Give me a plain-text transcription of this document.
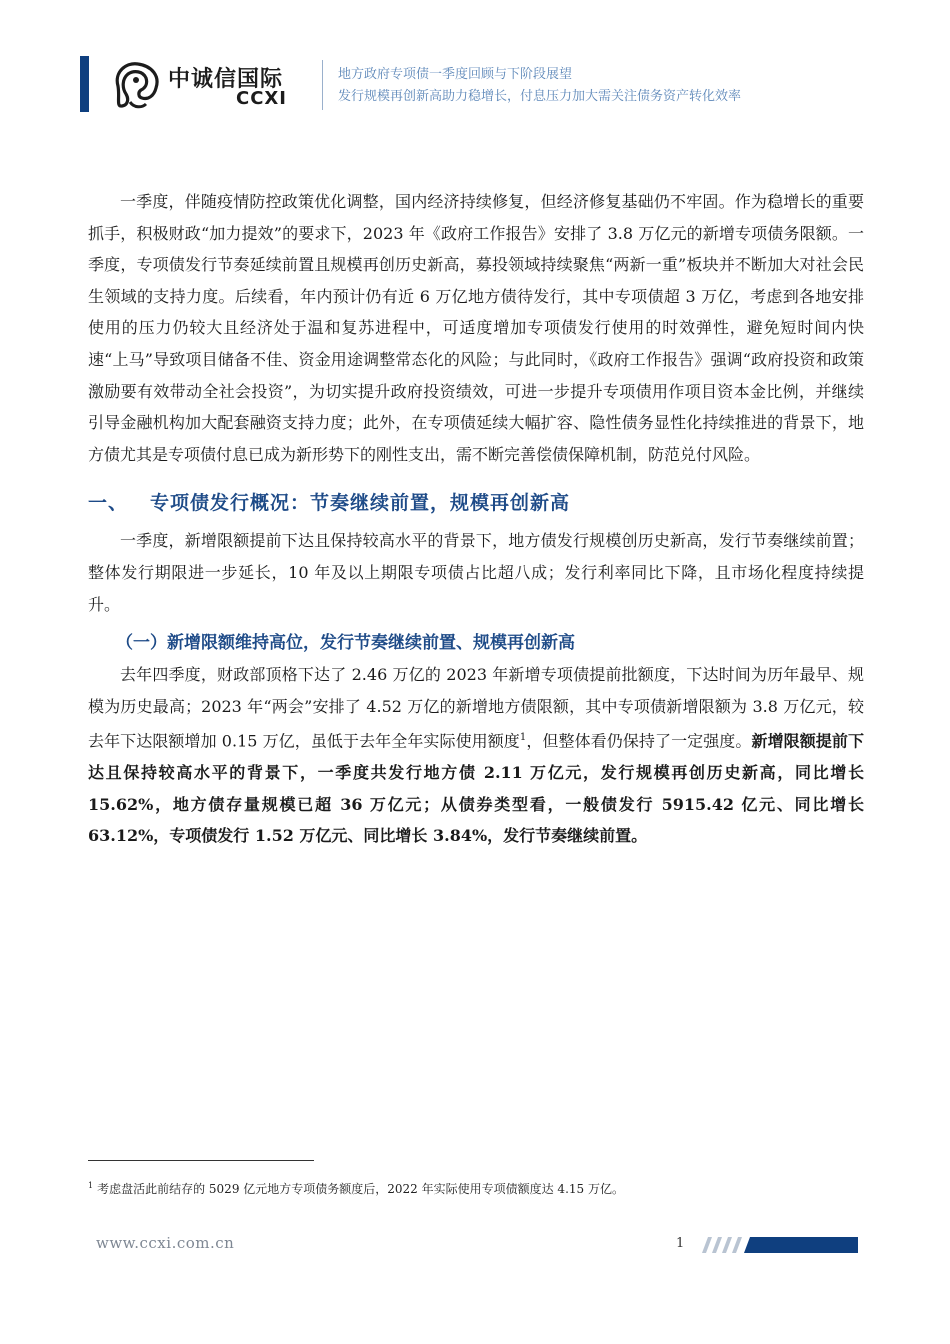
中诚信国际
CCXI
地方政府专项债一季度回顾与下阶段展望
发行规模再创新高助力稳增长，付息压力加大需关注债务资产转化效率

一季度，伴随疫情防控政策优化调整，国内经济持续修复，但经济修复基础仍不牢固。作为稳增长的重要抓手，积极财政“加力提效”的要求下，2023 年《政府工作报告》安排了 3.8 万亿元的新增专项债务限额。一季度，专项债发行节奏延续前置且规模再创历史新高，募投领域持续聚焦“两新一重”板块并不断加大对社会民生领域的支持力度。后续看，年内预计仍有近 6 万亿地方债待发行，其中专项债超 3 万亿，考虑到各地安排使用的压力仍较大且经济处于温和复苏进程中，可适度增加专项债发行使用的时效弹性，避免短时间内快速“上马”导致项目储备不佳、资金用途调整常态化的风险；与此同时，《政府工作报告》强调“政府投资和政策激励要有效带动全社会投资”，为切实提升政府投资绩效，可进一步提升专项债用作项目资本金比例，并继续引导金融机构加大配套融资支持力度；此外，在专项债延续大幅扩容、隐性债务显性化持续推进的背景下，地方债尤其是专项债付息已成为新形势下的刚性支出，需不断完善偿债保障机制，防范兑付风险。

一、 专项债发行概况：节奏继续前置，规模再创新高

一季度，新增限额提前下达且保持较高水平的背景下，地方债发行规模创历史新高，发行节奏继续前置；整体发行期限进一步延长，10 年及以上期限专项债占比超八成；发行利率同比下降，且市场化程度持续提升。

（一）新增限额维持高位，发行节奏继续前置、规模再创新高

去年四季度，财政部顶格下达了 2.46 万亿的 2023 年新增专项债提前批额度，下达时间为历年最早、规模为历史最高；2023 年“两会”安排了 4.52 万亿的新增地方债限额，其中专项债新增限额为 3.8 万亿元，较去年下达限额增加 0.15 万亿，虽低于去年全年实际使用额度$^1$，但整体看仍保持了一定强度。新增限额提前下达且保持较高水平的背景下，一季度共发行地方债 2.11 万亿元，发行规模再创历史新高，同比增长 15.62%，地方债存量规模已超 36 万亿元；从债券类型看，一般债发行 5915.42 亿元、同比增长 63.12%，专项债发行 1.52 万亿元、同比增长 3.84%，发行节奏继续前置。

$^1$ 考虑盘活此前结存的 5029 亿元地方专项债务额度后，2022 年实际使用专项债额度达 4.15 万亿。
www.ccxi.com.cn	1
